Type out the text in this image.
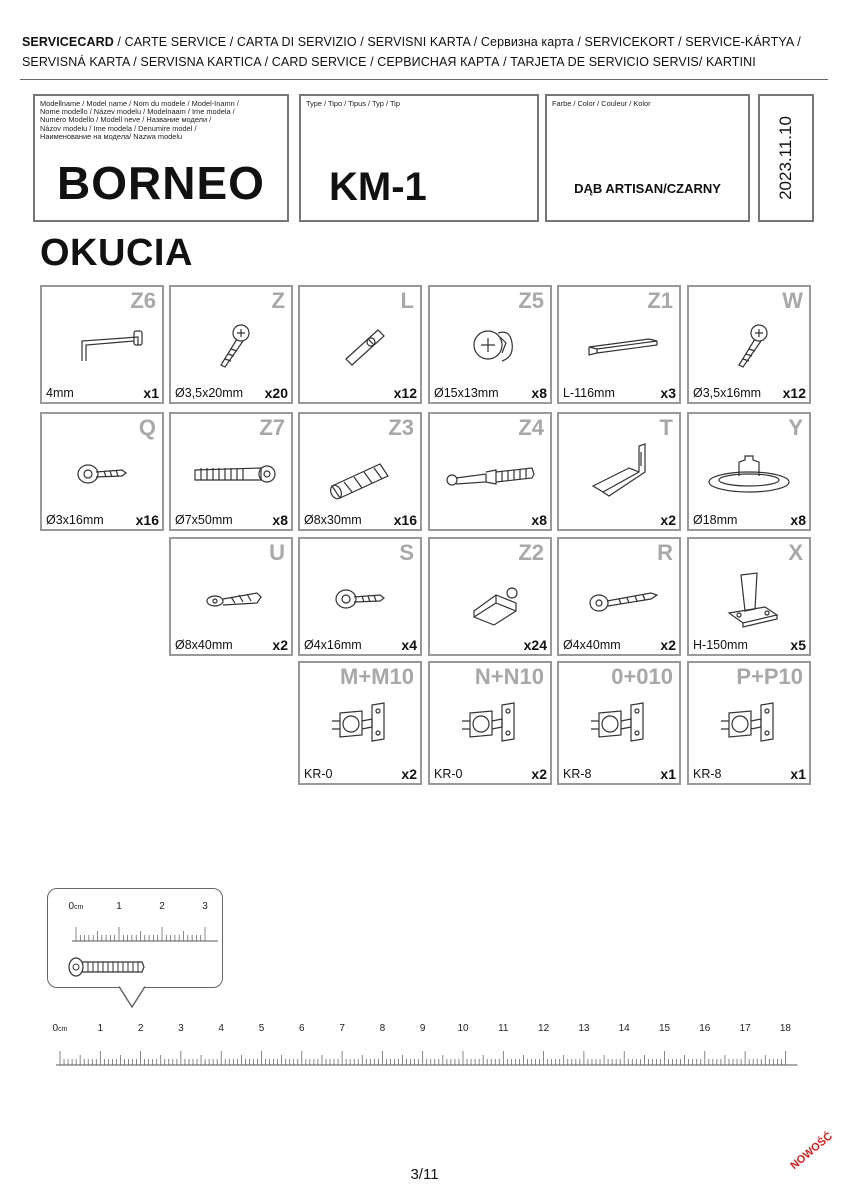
SERVICECARD / CARTE SERVICE / CARTA DI SERVIZIO / SERVISNI KARTA / Сервизна карта / SERVICEKORT / SERVICE-KÁRTYA /
SERVISNÁ KARTA / SERVISNA KARTICA / CARD SERVICE / СЕРВИСНАЯ КАРТА / TARJETA DE SERVICIO SERVIS/ KARTINI
Modellname / Model name / Nom du modele / Model-Inamn /
Nome modello / Název modelu / Modelnaam / Ime modela /
Numéro Modello / Modell neve / Название модели /
Názov modelu / Ime modela / Denumire model /
Наименование на модела/ Nazwa modelu
BORNEO
Type / Tipo / Tipus / Typ / Tip
KM-1
Farbe / Color / Couleur / Kolor
DĄB ARTISAN/CZARNY	2023.11.10
OKUCIA
Z6
4mm	x1
Z
Ø3,5x20mm x20
L
x12
Z5
Ø15x13mm x8
Z1
L-116mm	x3
W
Ø3,5x16mm x12
Q
Ø3x16mm x16
Z7
Ø7x50mm	x8
Z3
Ø8x30mm x16
Z4
x8
T
x2
Y
Ø18mm	x8
U
Ø8x40mm	x2
S
Ø4x16mm	x4
Z2
x24
R
Ø4x40mm	x2
X
H-150mm	x5
M+M10
KR-0	x2
N+N10
KR-0	x2
0+010
KR-8	x1
P+P10
KR-8	x1
0cm	1	2	3
0cm	1	2	3	4	5	6	7	8	9	10	11	12	13	14	15	16	17	18
3/11
NOWOŚĆ
